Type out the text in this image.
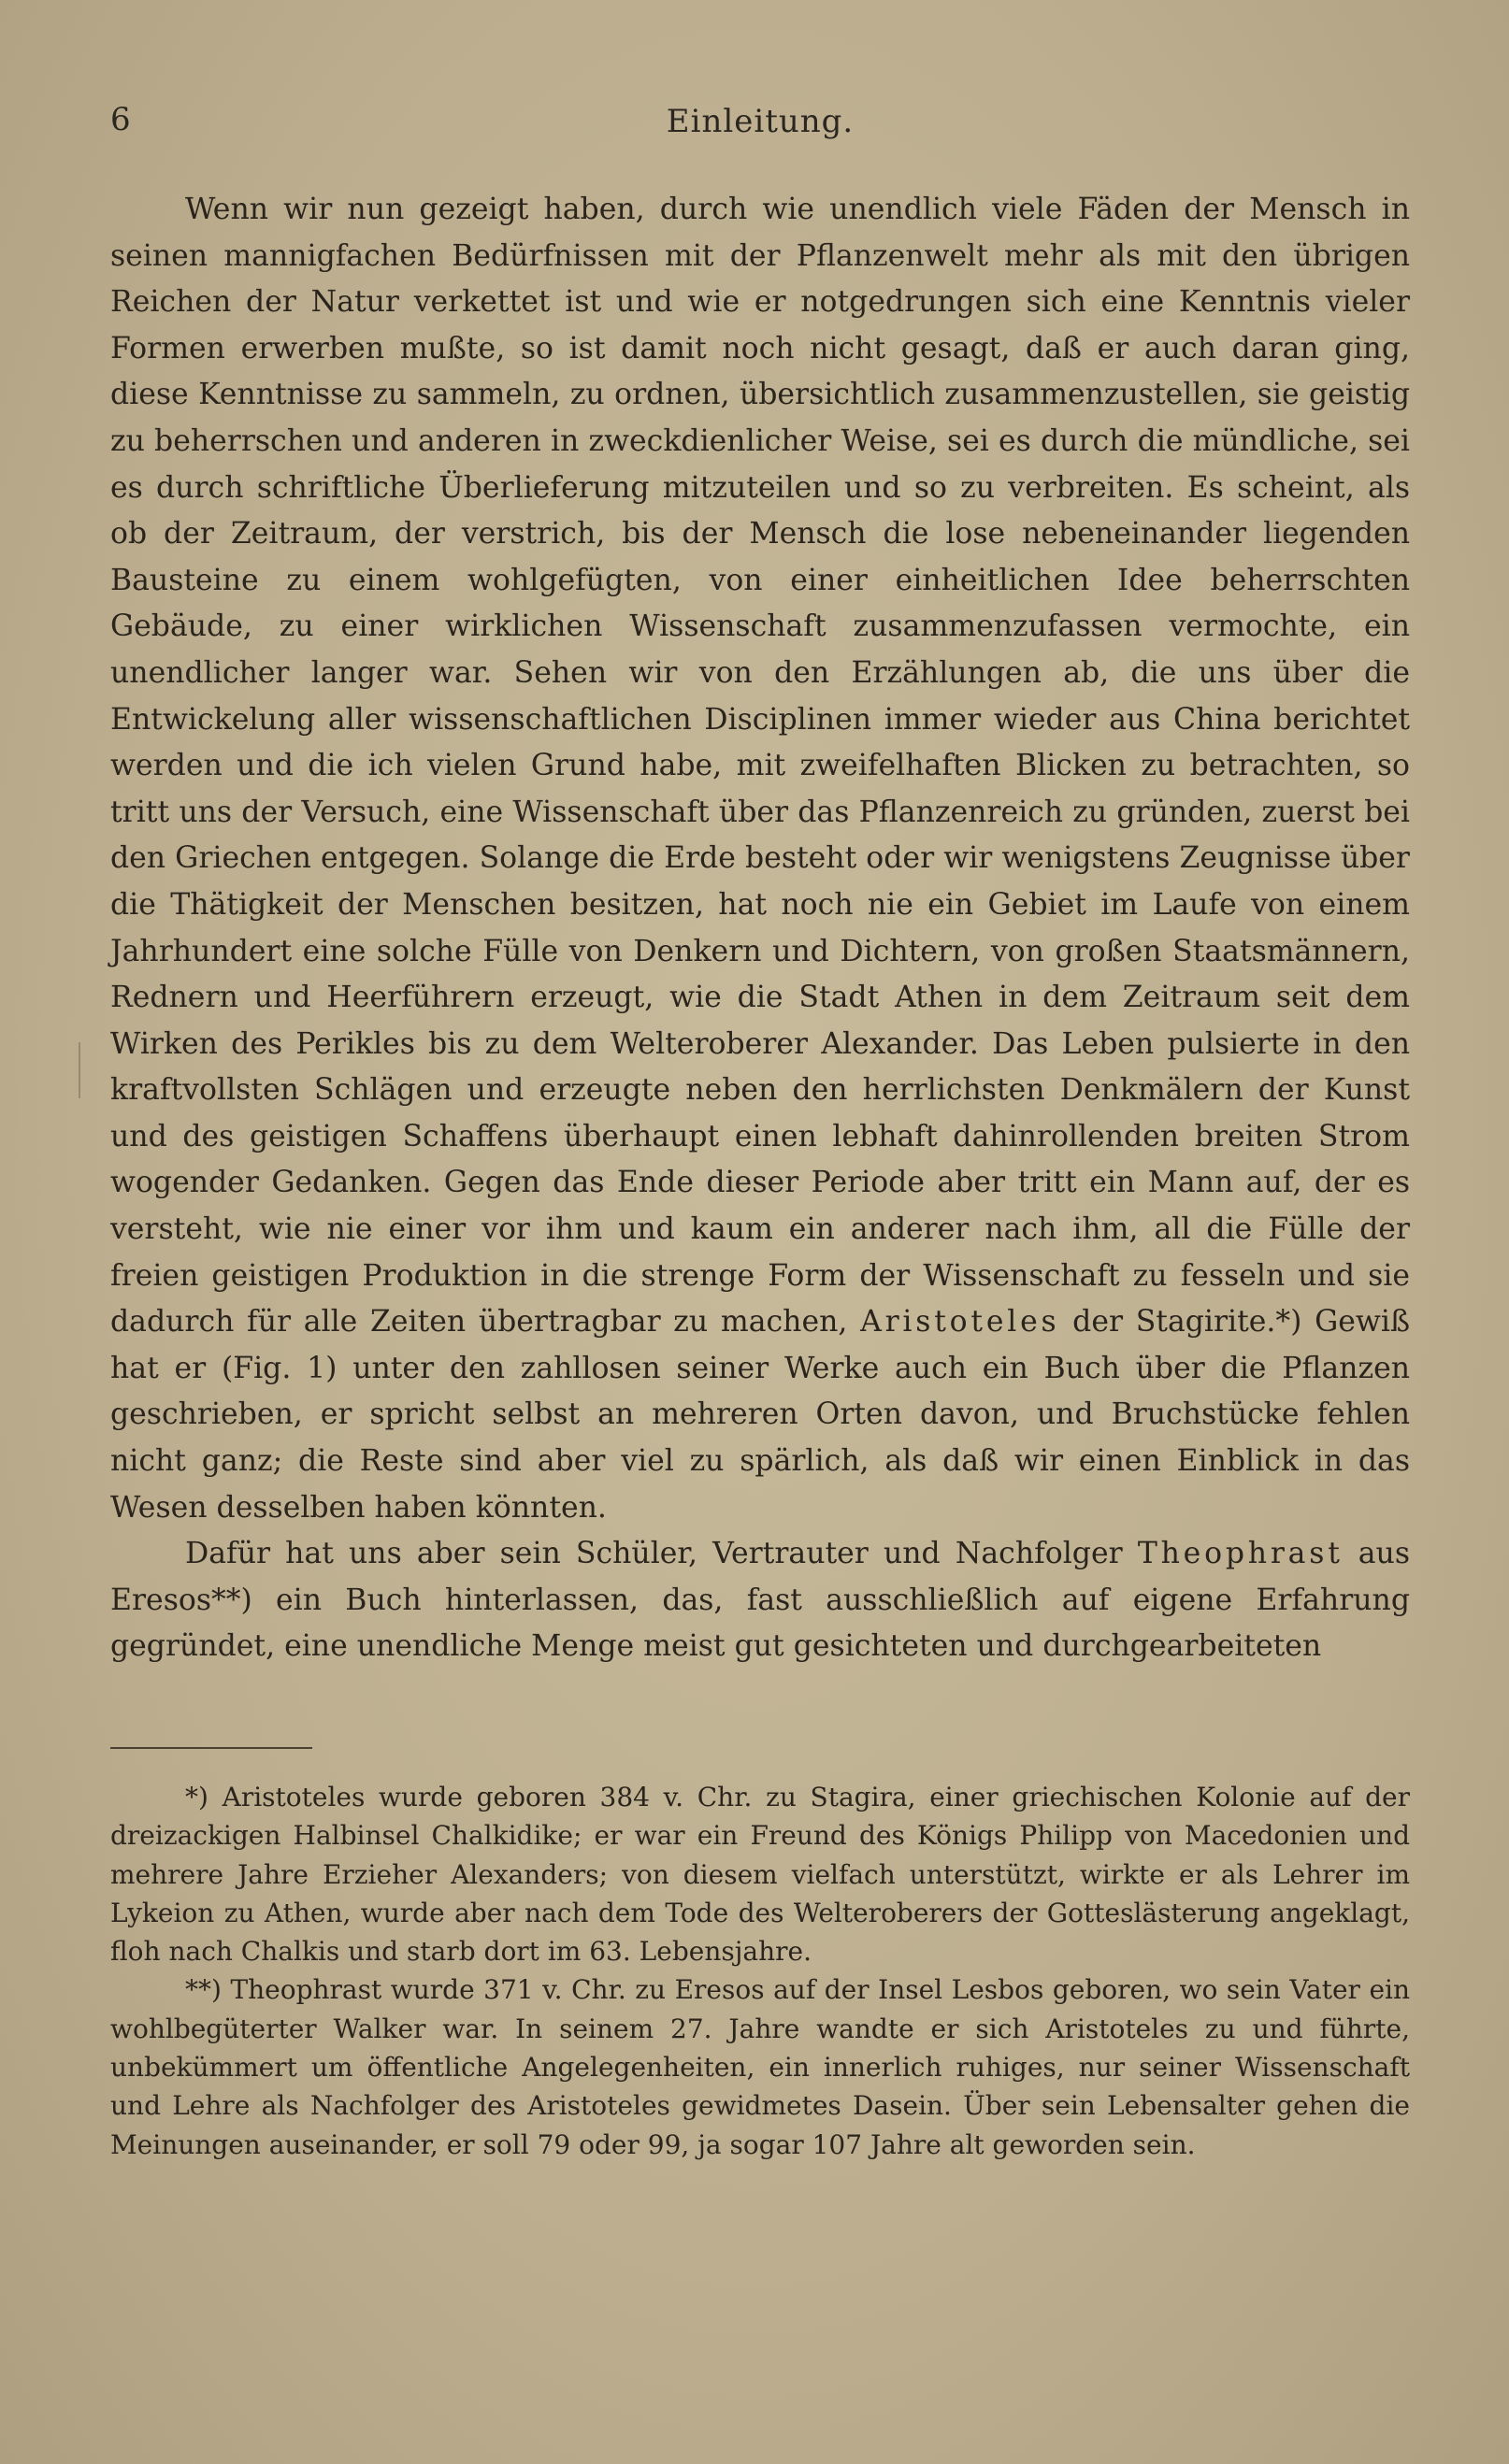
6	Einleitung.

Wenn wir nun gezeigt haben, durch wie unendlich viele Fäden der Mensch in seinen mannigfachen Bedürfnissen mit der Pflanzenwelt mehr als mit den übrigen Reichen der Natur verkettet ist und wie er notgedrungen sich eine Kenntnis vieler Formen erwerben mußte, so ist damit noch nicht gesagt, daß er auch daran ging, diese Kenntnisse zu sammeln, zu ordnen, übersichtlich zusammenzustellen, sie geistig zu beherrschen und anderen in zweckdienlicher Weise, sei es durch die mündliche, sei es durch schriftliche Überlieferung mitzuteilen und so zu verbreiten. Es scheint, als ob der Zeitraum, der verstrich, bis der Mensch die lose nebeneinander liegenden Bausteine zu einem wohlgefügten, von einer einheitlichen Idee beherrschten Gebäude, zu einer wirklichen Wissenschaft zusammenzufassen vermochte, ein unendlicher langer war. Sehen wir von den Erzählungen ab, die uns über die Entwickelung aller wissenschaftlichen Disciplinen immer wieder aus China berichtet werden und die ich vielen Grund habe, mit zweifelhaften Blicken zu betrachten, so tritt uns der Versuch, eine Wissenschaft über das Pflanzenreich zu gründen, zuerst bei den Griechen entgegen. Solange die Erde besteht oder wir wenigstens Zeugnisse über die Thätigkeit der Menschen besitzen, hat noch nie ein Gebiet im Laufe von einem Jahrhundert eine solche Fülle von Denkern und Dichtern, von großen Staatsmännern, Rednern und Heerführern erzeugt, wie die Stadt Athen in dem Zeitraum seit dem Wirken des Perikles bis zu dem Welteroberer Alexander. Das Leben pulsierte in den kraftvollsten Schlägen und erzeugte neben den herrlichsten Denkmälern der Kunst und des geistigen Schaffens überhaupt einen lebhaft dahinrollenden breiten Strom wogender Gedanken. Gegen das Ende dieser Periode aber tritt ein Mann auf, der es versteht, wie nie einer vor ihm und kaum ein anderer nach ihm, all die Fülle der freien geistigen Produktion in die strenge Form der Wissenschaft zu fesseln und sie dadurch für alle Zeiten übertragbar zu machen, Aristoteles der Stagirite.*) Gewiß hat er (Fig. 1) unter den zahllosen seiner Werke auch ein Buch über die Pflanzen geschrieben, er spricht selbst an mehreren Orten davon, und Bruchstücke fehlen nicht ganz; die Reste sind aber viel zu spärlich, als daß wir einen Einblick in das Wesen desselben haben könnten.

Dafür hat uns aber sein Schüler, Vertrauter und Nachfolger Theophrast aus Eresos**) ein Buch hinterlassen, das, fast ausschließlich auf eigene Erfahrung gegründet, eine unendliche Menge meist gut gesichteten und durchgearbeiteten

*) Aristoteles wurde geboren 384 v. Chr. zu Stagira, einer griechischen Kolonie auf der dreizackigen Halbinsel Chalkidike; er war ein Freund des Königs Philipp von Macedonien und mehrere Jahre Erzieher Alexanders; von diesem vielfach unterstützt, wirkte er als Lehrer im Lykeion zu Athen, wurde aber nach dem Tode des Welteroberers der Gotteslästerung angeklagt, floh nach Chalkis und starb dort im 63. Lebensjahre.

**) Theophrast wurde 371 v. Chr. zu Eresos auf der Insel Lesbos geboren, wo sein Vater ein wohlbegüterter Walker war. In seinem 27. Jahre wandte er sich Aristoteles zu und führte, unbekümmert um öffentliche Angelegenheiten, ein innerlich ruhiges, nur seiner Wissenschaft und Lehre als Nachfolger des Aristoteles gewidmetes Dasein. Über sein Lebensalter gehen die Meinungen auseinander, er soll 79 oder 99, ja sogar 107 Jahre alt geworden sein.
